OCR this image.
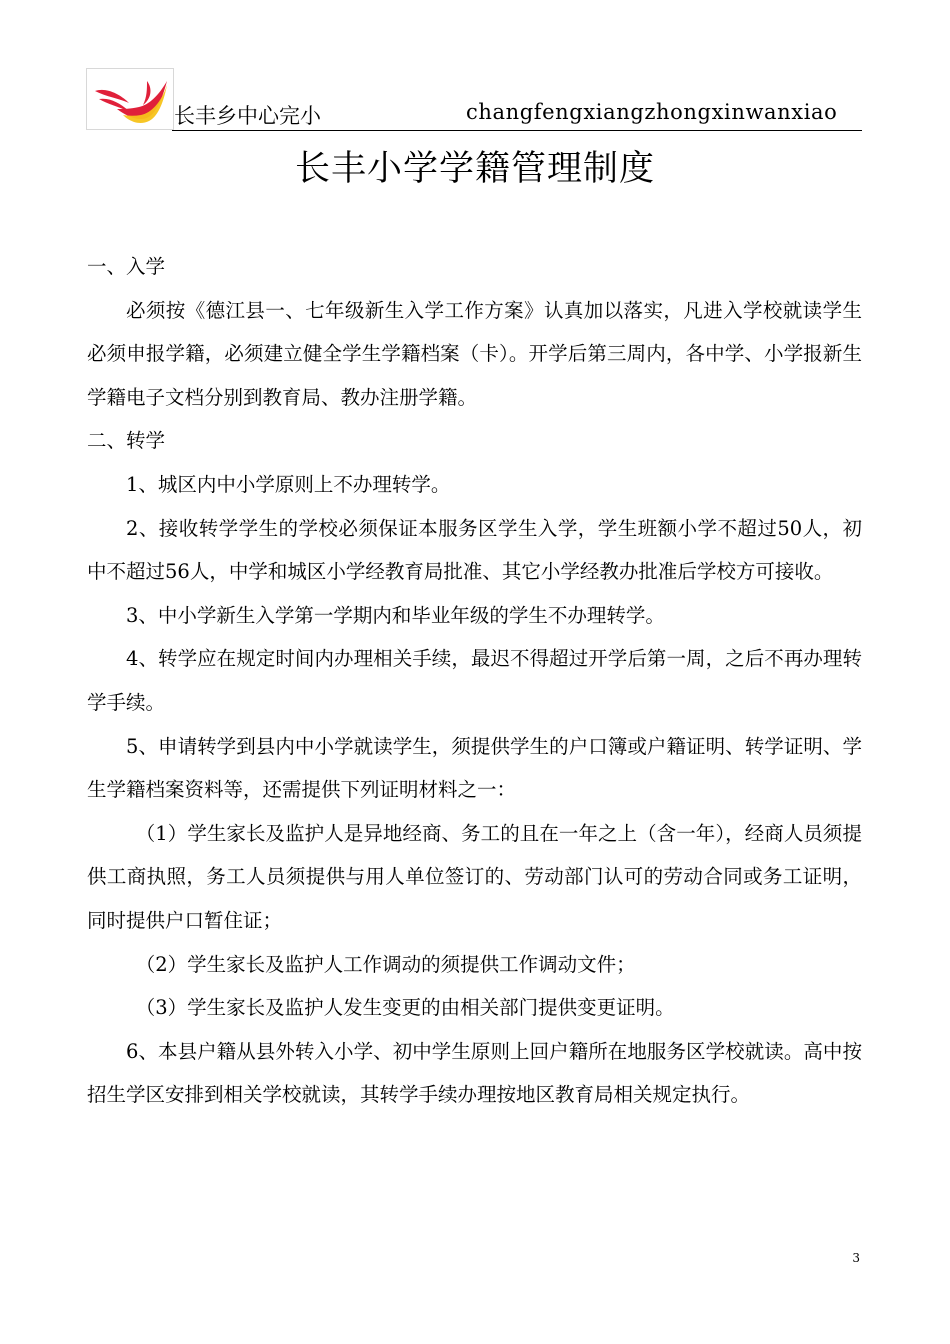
长丰乡中心完小	changfengxiangzhongxinwanxiao
长丰小学学籍管理制度

一、入学

必须按《德江县一、七年级新生入学工作方案》认真加以落实，凡进入学校就读学生必须申报学籍，必须建立健全学生学籍档案（卡）。开学后第三周内，各中学、小学报新生学籍电子文档分别到教育局、教办注册学籍。

二、转学

1、城区内中小学原则上不办理转学。

2、接收转学学生的学校必须保证本服务区学生入学，学生班额小学不超过50人，初中不超过56人，中学和城区小学经教育局批准、其它小学经教办批准后学校方可接收。

3、中小学新生入学第一学期内和毕业年级的学生不办理转学。

4、转学应在规定时间内办理相关手续，最迟不得超过开学后第一周，之后不再办理转学手续。

5、申请转学到县内中小学就读学生，须提供学生的户口簿或户籍证明、转学证明、学生学籍档案资料等，还需提供下列证明材料之一：

（1）学生家长及监护人是异地经商、务工的且在一年之上（含一年），经商人员须提供工商执照，务工人员须提供与用人单位签订的、劳动部门认可的劳动合同或务工证明，同时提供户口暂住证；

（2）学生家长及监护人工作调动的须提供工作调动文件；

（3）学生家长及监护人发生变更的由相关部门提供变更证明。

6、本县户籍从县外转入小学、初中学生原则上回户籍所在地服务区学校就读。高中按招生学区安排到相关学校就读，其转学手续办理按地区教育局相关规定执行。

3
